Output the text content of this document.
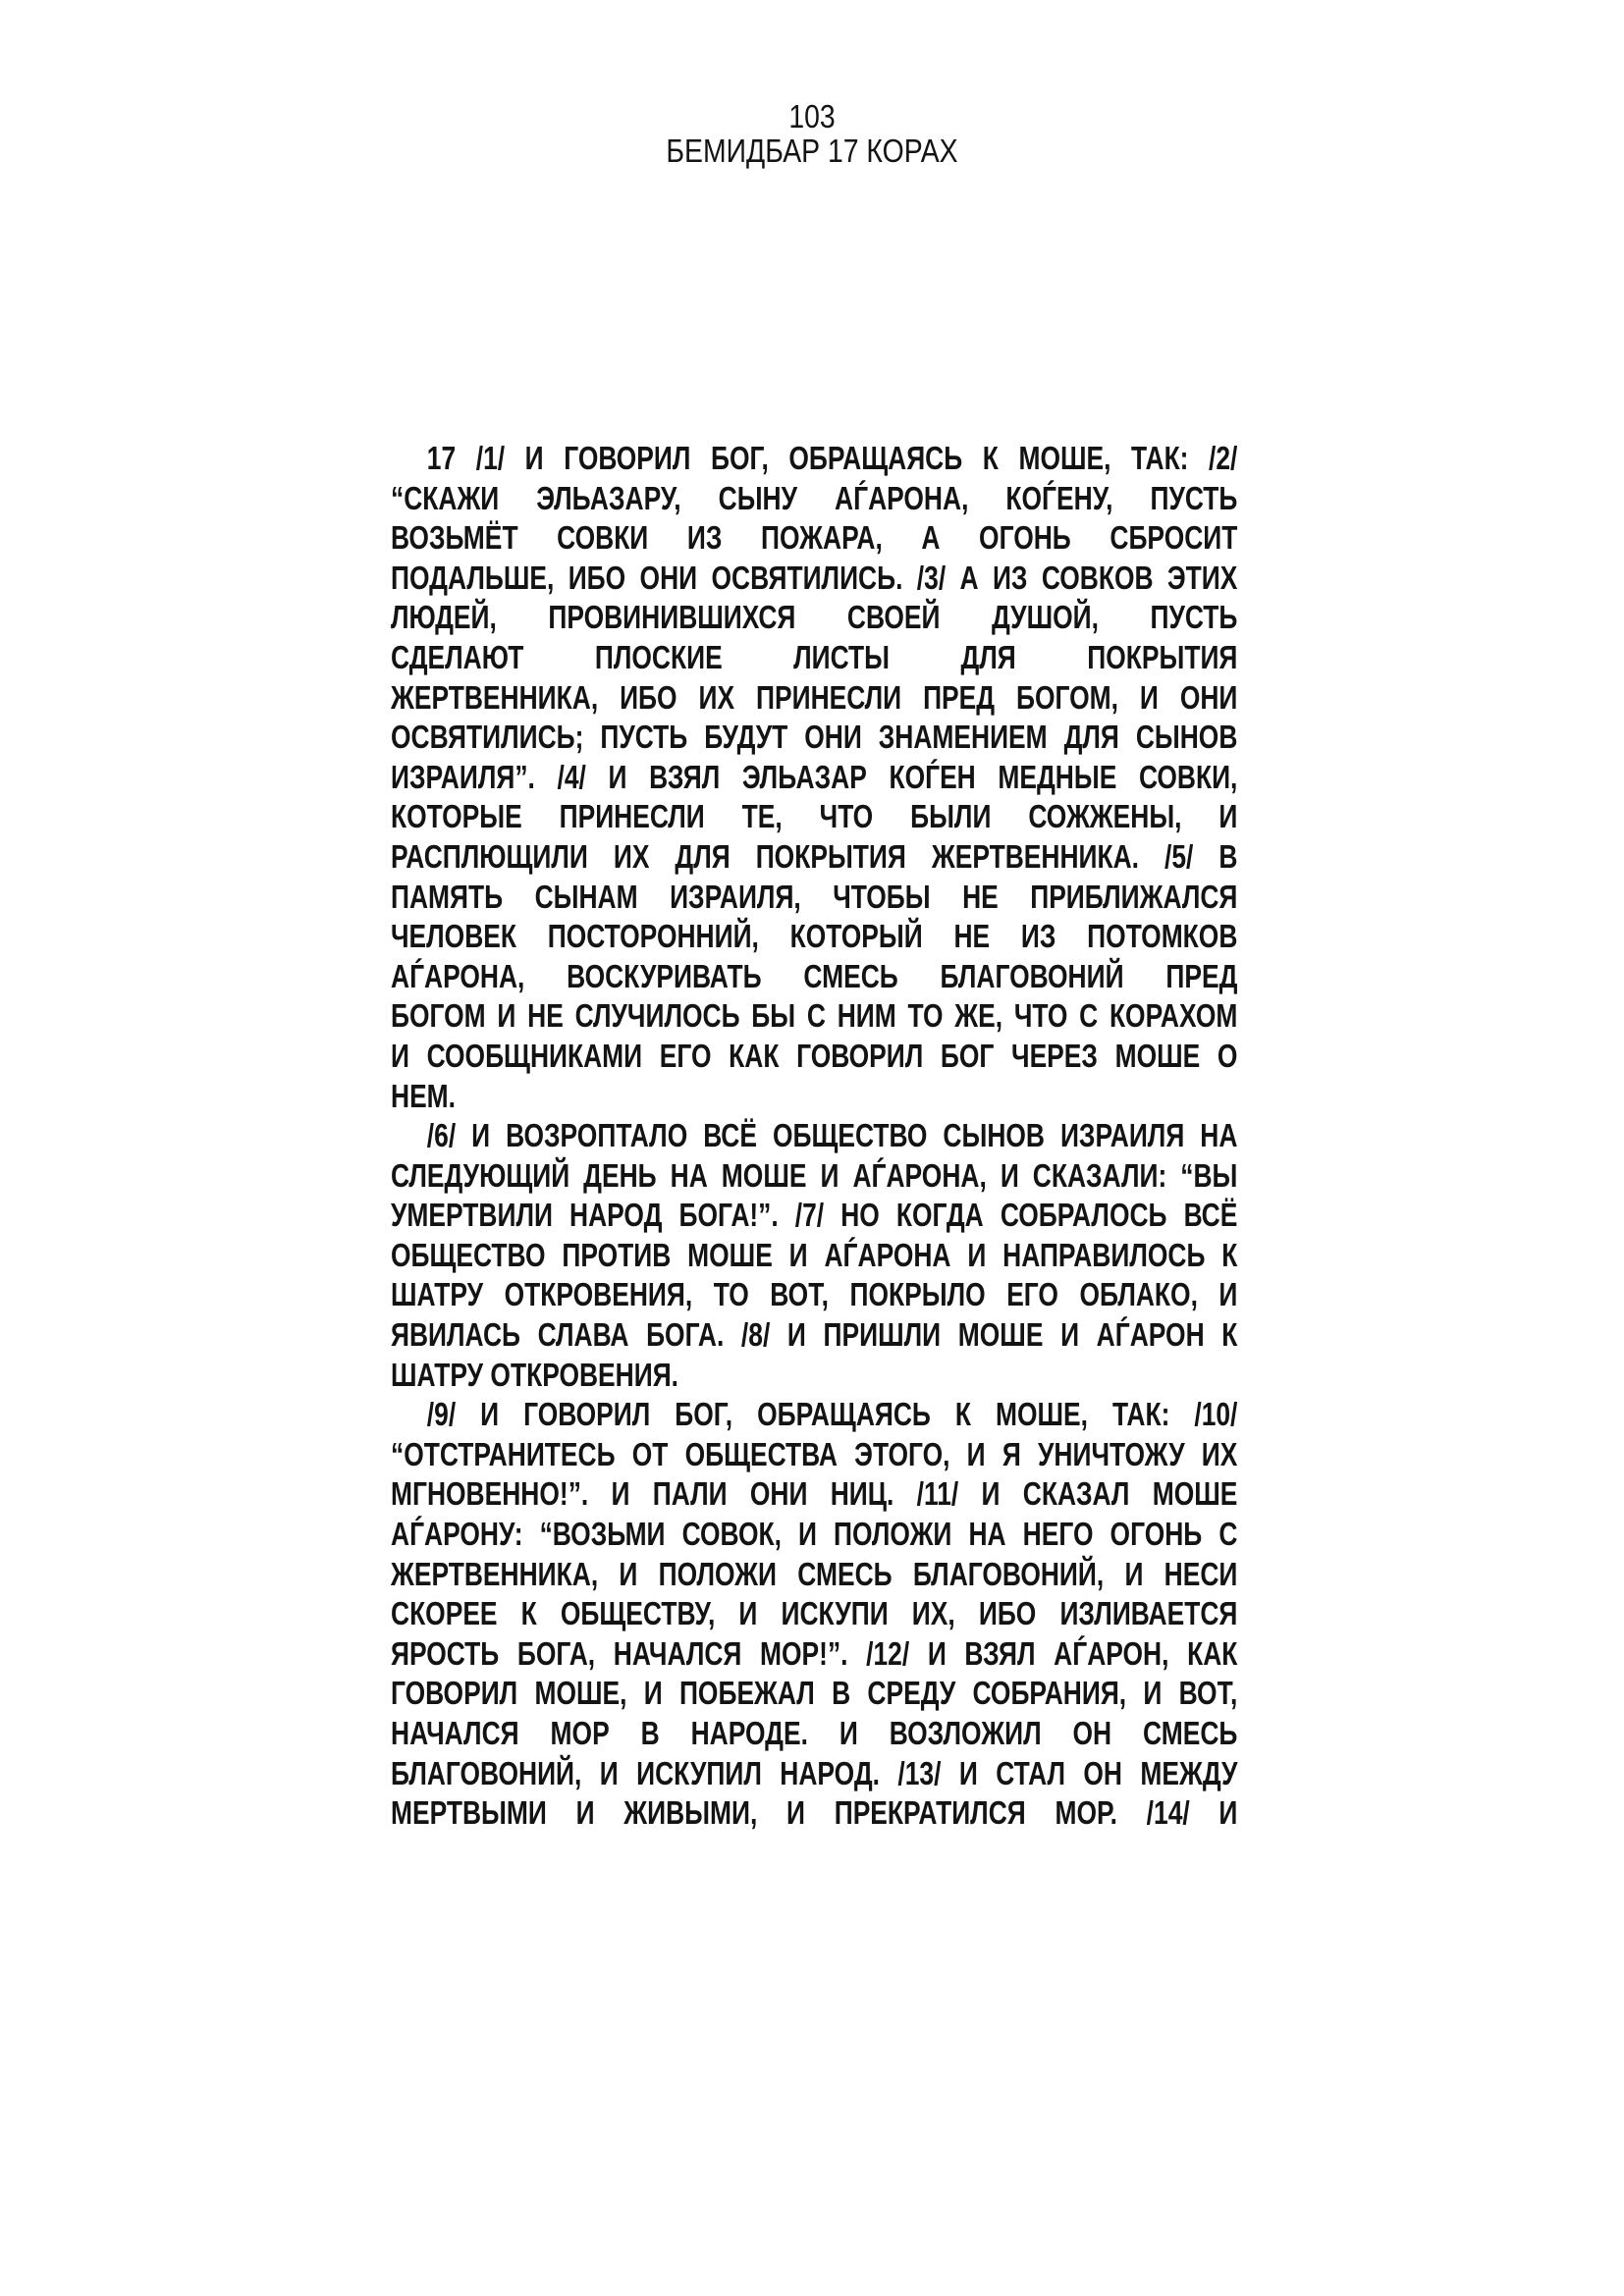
103
БЕМИДБАР 17 КОРАХ
17 /1/ И ГОВОРИЛ БОГ, ОБРАЩАЯСЬ К МОШЕ, ТАК: /2/
“СКАЖИ ЭЛЬАЗАРУ, СЫНУ АЃАРОНА, КОЃЕНУ, ПУСТЬ
ВОЗЬМЁТ СОВКИ ИЗ ПОЖАРА, А ОГОНЬ СБРОСИТ
ПОДАЛЬШЕ, ИБО ОНИ ОСВЯТИЛИСЬ. /3/ А ИЗ СОВКОВ ЭТИХ
ЛЮДЕЙ, ПРОВИНИВШИХСЯ СВОЕЙ ДУШОЙ, ПУСТЬ
СДЕЛАЮТ ПЛОСКИЕ ЛИСТЫ ДЛЯ ПОКРЫТИЯ
ЖЕРТВЕННИКА, ИБО ИХ ПРИНЕСЛИ ПРЕД БОГОМ, И ОНИ
ОСВЯТИЛИСЬ; ПУСТЬ БУДУТ ОНИ ЗНАМЕНИЕМ ДЛЯ СЫНОВ
ИЗРАИЛЯ”. /4/ И ВЗЯЛ ЭЛЬАЗАР КОЃЕН МЕДНЫЕ СОВКИ,
КОТОРЫЕ ПРИНЕСЛИ ТЕ, ЧТО БЫЛИ СОЖЖЕНЫ, И
РАСПЛЮЩИЛИ ИХ ДЛЯ ПОКРЫТИЯ ЖЕРТВЕННИКА. /5/ В
ПАМЯТЬ СЫНАМ ИЗРАИЛЯ, ЧТОБЫ НЕ ПРИБЛИЖАЛСЯ
ЧЕЛОВЕК ПОСТОРОННИЙ, КОТОРЫЙ НЕ ИЗ ПОТОМКОВ
АЃАРОНА, ВОСКУРИВАТЬ СМЕСЬ БЛАГОВОНИЙ ПРЕД
БОГОМ И НЕ СЛУЧИЛОСЬ БЫ С НИМ ТО ЖЕ, ЧТО С КОРАХОМ
И СООБЩНИКАМИ ЕГО КАК ГОВОРИЛ БОГ ЧЕРЕЗ МОШЕ О
НЕМ.
/6/ И ВОЗРОПТАЛО ВСЁ ОБЩЕСТВО СЫНОВ ИЗРАИЛЯ НА
СЛЕДУЮЩИЙ ДЕНЬ НА МОШЕ И АЃАРОНА, И СКАЗАЛИ: “ВЫ
УМЕРТВИЛИ НАРОД БОГА!”. /7/ НО КОГДА СОБРАЛОСЬ ВСЁ
ОБЩЕСТВО ПРОТИВ МОШЕ И АЃАРОНА И НАПРАВИЛОСЬ К
ШАТРУ ОТКРОВЕНИЯ, ТО ВОТ, ПОКРЫЛО ЕГО ОБЛАКО, И
ЯВИЛАСЬ СЛАВА БОГА. /8/ И ПРИШЛИ МОШЕ И АЃАРОН К
ШАТРУ ОТКРОВЕНИЯ.
/9/ И ГОВОРИЛ БОГ, ОБРАЩАЯСЬ К МОШЕ, ТАК: /10/
“ОТСТРАНИТЕСЬ ОТ ОБЩЕСТВА ЭТОГО, И Я УНИЧТОЖУ ИХ
МГНОВЕННО!”. И ПАЛИ ОНИ НИЦ. /11/ И СКАЗАЛ МОШЕ
АЃАРОНУ: “ВОЗЬМИ СОВОК, И ПОЛОЖИ НА НЕГО ОГОНЬ С
ЖЕРТВЕННИКА, И ПОЛОЖИ СМЕСЬ БЛАГОВОНИЙ, И НЕСИ
СКОРЕЕ К ОБЩЕСТВУ, И ИСКУПИ ИХ, ИБО ИЗЛИВАЕТСЯ
ЯРОСТЬ БОГА, НАЧАЛСЯ МОР!”. /12/ И ВЗЯЛ АЃАРОН, КАК
ГОВОРИЛ МОШЕ, И ПОБЕЖАЛ В СРЕДУ СОБРАНИЯ, И ВОТ,
НАЧАЛСЯ МОР В НАРОДЕ. И ВОЗЛОЖИЛ ОН СМЕСЬ
БЛАГОВОНИЙ, И ИСКУПИЛ НАРОД. /13/ И СТАЛ ОН МЕЖДУ
МЕРТВЫМИ И ЖИВЫМИ, И ПРЕКРАТИЛСЯ МОР. /14/ И
